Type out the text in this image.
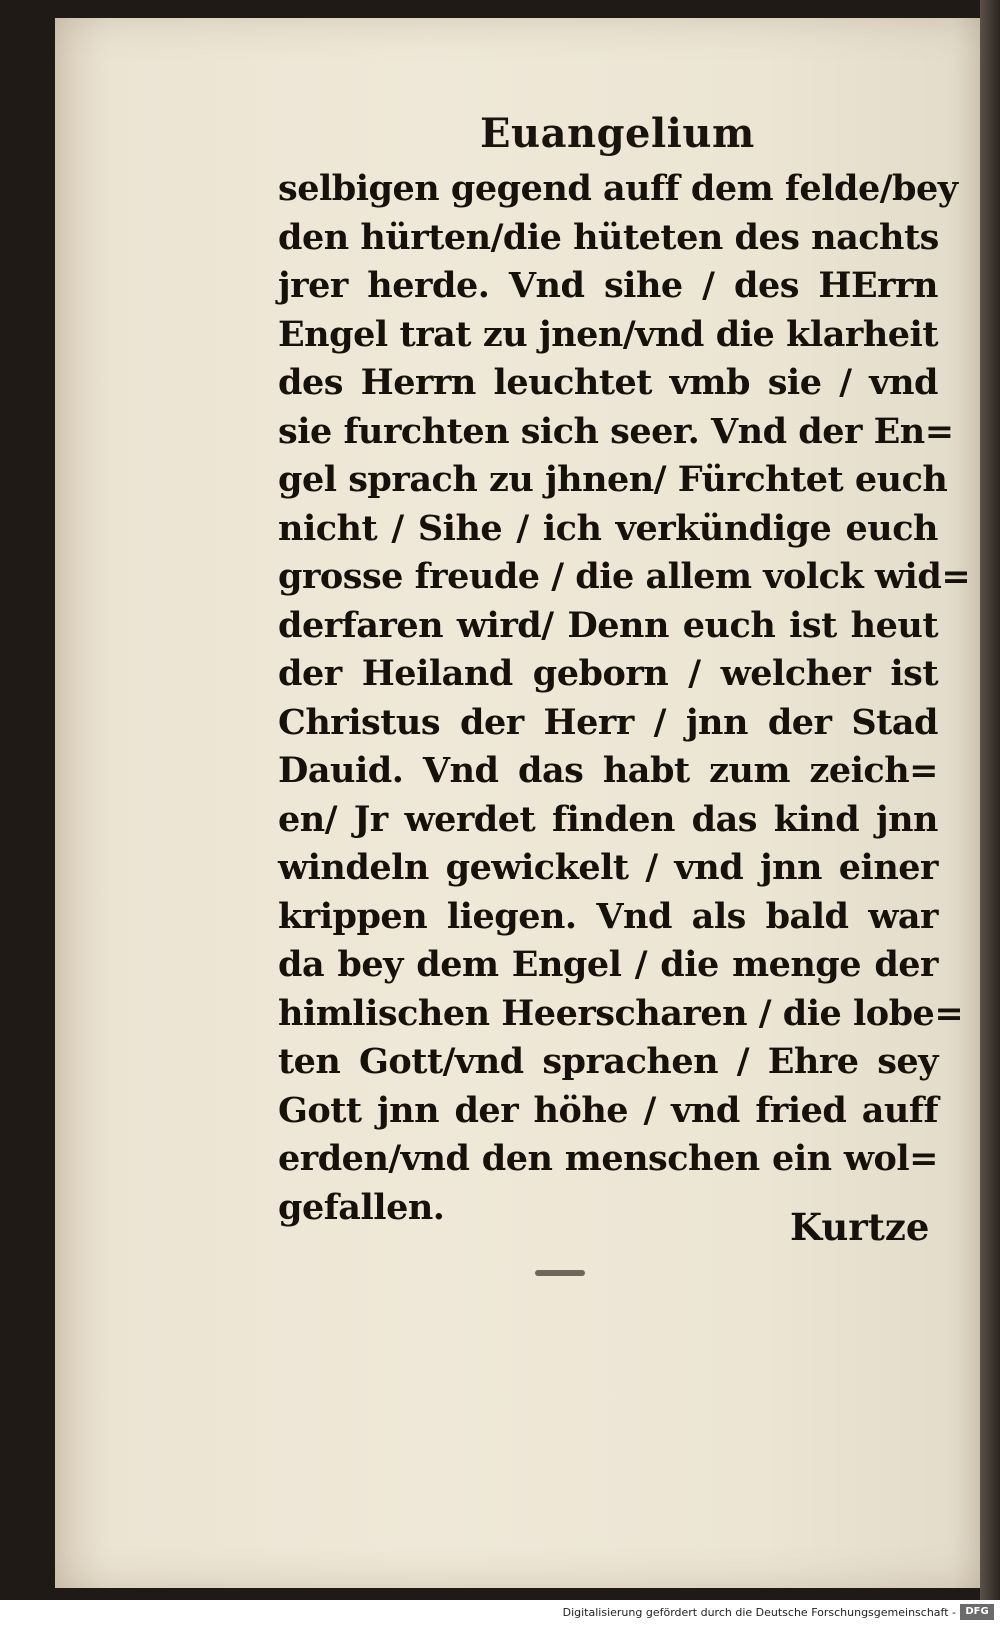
Euangelium
selbigen gegend auff dem felde/bey
den hürten/die hüteten des nachts
jrer herde. Vnd sihe / des HErrn
Engel trat zu jnen/vnd die klarheit
des Herrn leuchtet vmb sie / vnd
sie furchten sich seer. Vnd der En=
gel sprach zu jhnen/ Fürchtet euch
nicht / Sihe / ich verkündige euch
grosse freude / die allem volck wid=
derfaren wird/ Denn euch ist heut
der Heiland geborn / welcher ist
Christus der Herr / jnn der Stad
Dauid. Vnd das habt zum zeich=
en/ Jr werdet finden das kind jnn
windeln gewickelt / vnd jnn einer
krippen liegen. Vnd als bald war
da bey dem Engel / die menge der
himlischen Heerscharen / die lobe=
ten Gott/vnd sprachen / Ehre sey
Gott jnn der höhe / vnd fried auff
erden/vnd den menschen ein wol=
gefallen.	Kurtze
Digitalisierung gefördert durch die Deutsche Forschungsgemeinschaft - DFG
